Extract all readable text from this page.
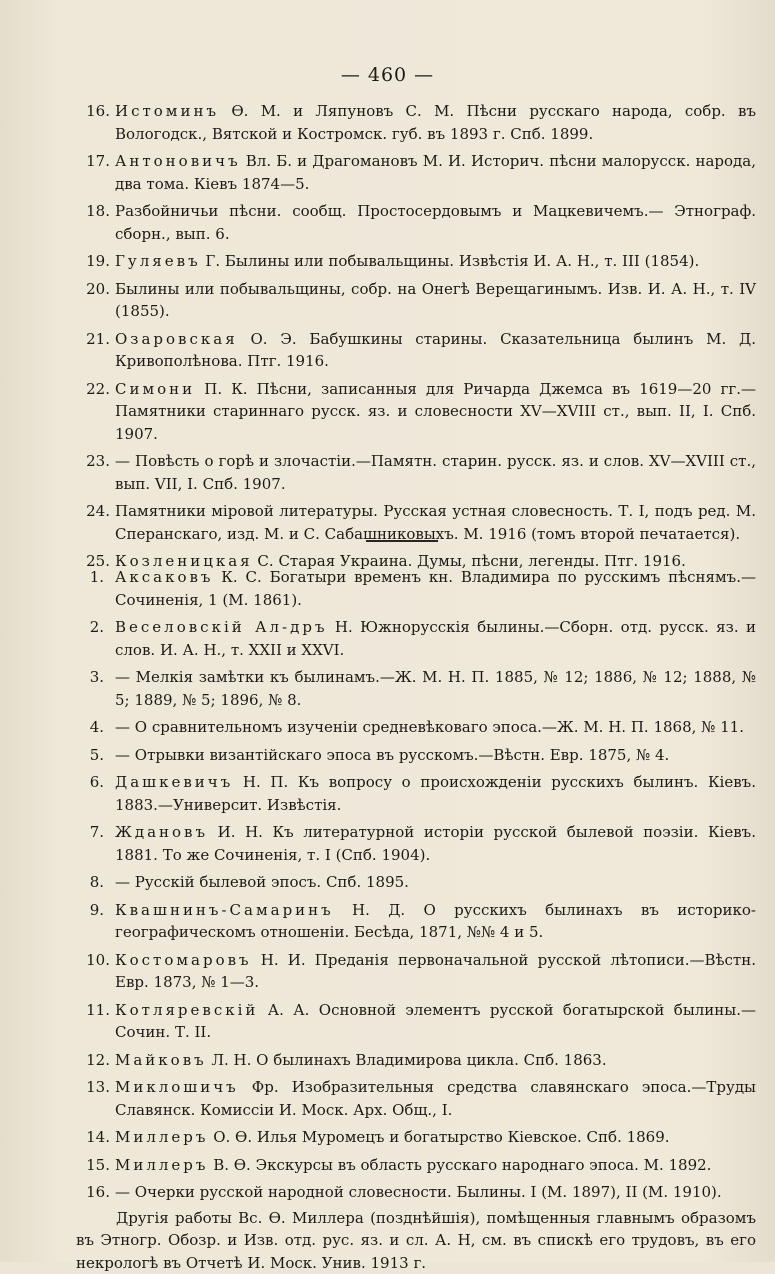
— 460 —
16. Истоминъ Ѳ. М. и Ляпуновъ С. М. Пѣсни русскаго народа, собр. въ Вологодск., Вятской и Костромск. губ. въ 1893 г. Спб. 1899.
17. Антоновичъ Вл. Б. и Драгомановъ М. И. Историч. пѣсни малорусск. народа, два тома. Кіевъ 1874—5.
18. Разбойничьи пѣсни. сообщ. Простосердовымъ и Мацкевичемъ.— Этнограф. сборн., вып. 6.
19. Гуляевъ Г. Былины или побывальщины. Извѣстія И. А. Н., т. III (1854).
20. Былины или побывальщины, собр. на Онегѣ Верещагинымъ. Изв. И. А. Н., т. IV (1855).
21. Озаровская О. Э. Бабушкины старины. Сказательница былинъ М. Д. Кривополѣнова. Птг. 1916.
22. Симони П. К. Пѣсни, записанныя для Ричарда Джемса въ 1619—20 гг.— Памятники стариннаго русск. яз. и словесности XV—XVIII ст., вып. II, I. Спб. 1907.
23. — Повѣсть о горѣ и злочастіи.—Памятн. старин. русск. яз. и слов. XV—XVIII ст., вып. VII, I. Спб. 1907.
24. Памятники мiровой литературы. Русская устная словесность. Т. I, подъ ред. М. Сперанскаго, изд. М. и С. Сабашниковыхъ. М. 1916 (томъ второй печатается).
25. Козленицкая С. Старая Украина. Думы, пѣсни, легенды. Птг. 1916.
1. Аксаковъ К. С. Богатыри временъ кн. Владимира по русскимъ пѣснямъ.— Сочиненія, 1 (М. 1861).
2. Веселовскій Ал-дръ Н. Южнорусскія былины.—Сборн. отд. русск. яз. и слов. И. А. Н., т. XXII и XXVI.
3. — Мелкія замѣтки къ былинамъ.—Ж. М. Н. П. 1885, № 12; 1886, № 12; 1888, № 5; 1889, № 5; 1896, № 8.
4. — О сравнительномъ изученіи средневѣковаго эпоса.—Ж. М. Н. П. 1868, № 11.
5. — Отрывки византійскаго эпоса въ русскомъ.—Вѣстн. Евр. 1875, № 4.
6. Дашкевичъ Н. П. Къ вопросу о происхожденіи русскихъ былинъ. Кіевъ. 1883.—Университ. Извѣстія.
7. Ждановъ И. Н. Къ литературной исторіи русской былевой поэзіи. Кіевъ. 1881. То же Сочиненія, т. I (Спб. 1904).
8. — Русскій былевой эпосъ. Спб. 1895.
9. Квашнинъ-Самаринъ Н. Д. О русскихъ былинахъ въ историко-географическомъ отношеніи. Бесѣда, 1871, №№ 4 и 5.
10. Костомаровъ Н. И. Преданія первоначальной русской лѣтописи.—Вѣстн. Евр. 1873, № 1—3.
11. Котляревскій А. А. Основной элементъ русской богатырской былины.— Сочин. Т. II.
12. Майковъ Л. Н. О былинахъ Владимирова цикла. Спб. 1863.
13. Миклошичъ Фр. Изобразительныя средства славянскаго эпоса.—Труды Славянск. Комиссіи И. Моск. Арх. Общ., I.
14. Миллеръ О. Ѳ. Илья Муромецъ и богатырство Кіевское. Спб. 1869.
15. Миллеръ В. Ѳ. Экскурсы въ область русскаго народнаго эпоса. М. 1892.
16. — Очерки русской народной словесности. Былины. I (М. 1897), II (М. 1910).
Другія работы Вс. Ѳ. Миллера (позднѣйшія), помѣщенныя главнымъ образомъ въ Этногр. Обозр. и Изв. отд. рус. яз. и сл. А. Н, см. въ спискѣ его трудовъ, въ его некрологѣ въ Отчетѣ И. Моск. Унив. 1913 г.
